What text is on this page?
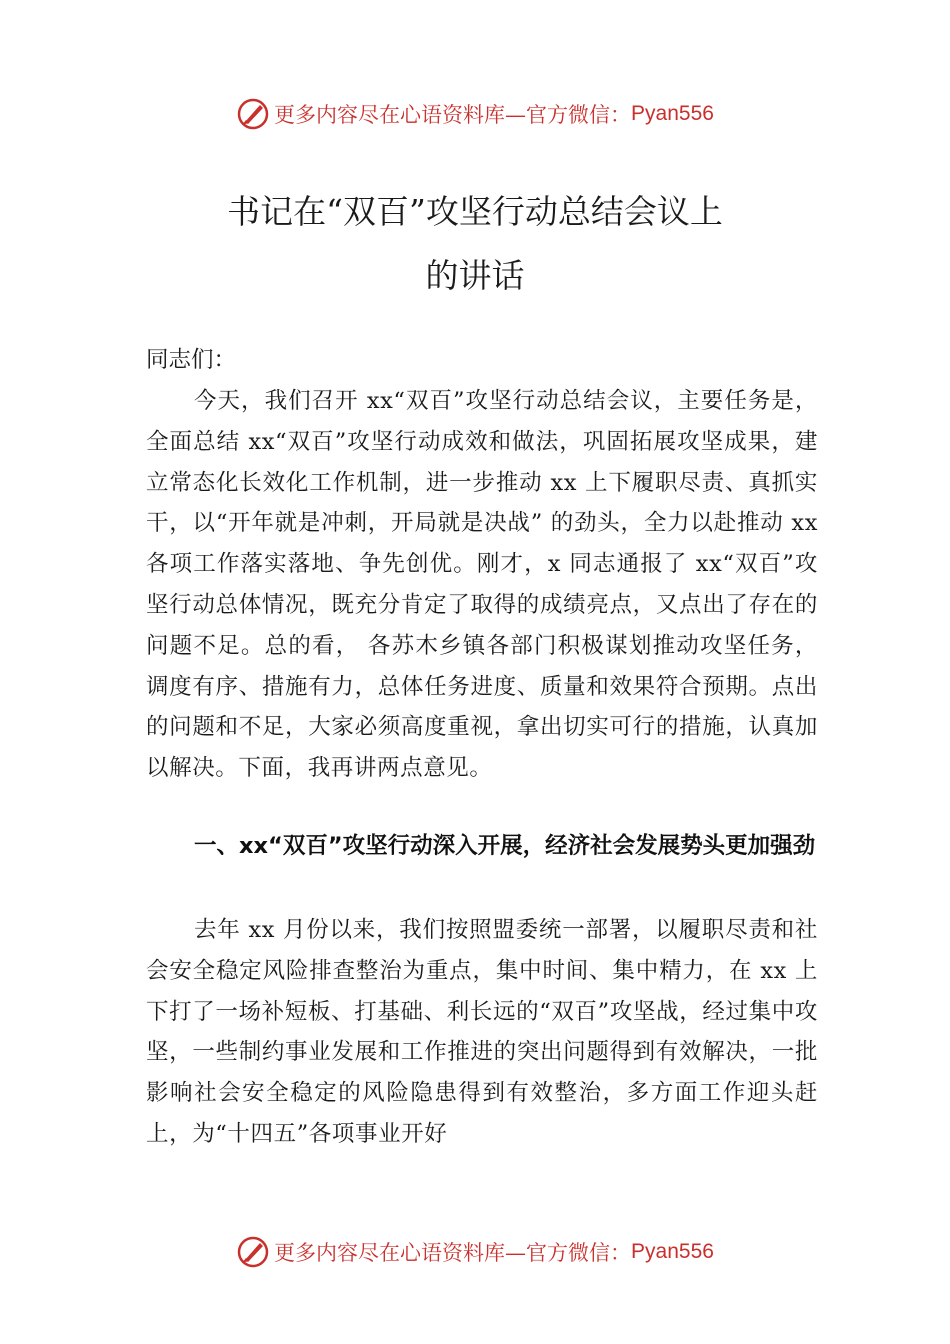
更多内容尽在心语资料库— 官方微信： Pyan556
书记在“双百”攻坚行动总结会议上
的讲话
同志们：
今天，我们召开 xx“双百”攻坚行动总结会议，主要任务是，全面总结 xx“双百”攻坚行动成效和做法，巩固拓展攻坚成果，建立常态化长效化工作机制，进一步推动 xx 上下履职尽责、真抓实干，以“开年就是冲刺，开局就是决战” 的劲头，全力以赴推动 xx 各项工作落实落地、争先创优。刚才，x 同志通报了 xx“双百”攻坚行动总体情况，既充分肯定了取得的成绩亮点，又点出了存在的问题不足。总的看， 各苏木乡镇各部门积极谋划推动攻坚任务，调度有序、措施有力，总体任务进度、质量和效果符合预期。点出的问题和不足，大家必须高度重视，拿出切实可行的措施，认真加以解决。下面，我再讲两点意见。
一、xx“双百”攻坚行动深入开展，经济社会发展势头更加强劲
去年 xx 月份以来，我们按照盟委统一部署，以履职尽责和社会安全稳定风险排查整治为重点，集中时间、集中精力，在 xx 上下打了一场补短板、打基础、利长远的“双百”攻坚战，经过集中攻坚，一些制约事业发展和工作推进的突出问题得到有效解决，一批影响社会安全稳定的风险隐患得到有效整治，多方面工作迎头赶上，为“十四五”各项事业开好
更多内容尽在心语资料库— 官方微信： Pyan556
